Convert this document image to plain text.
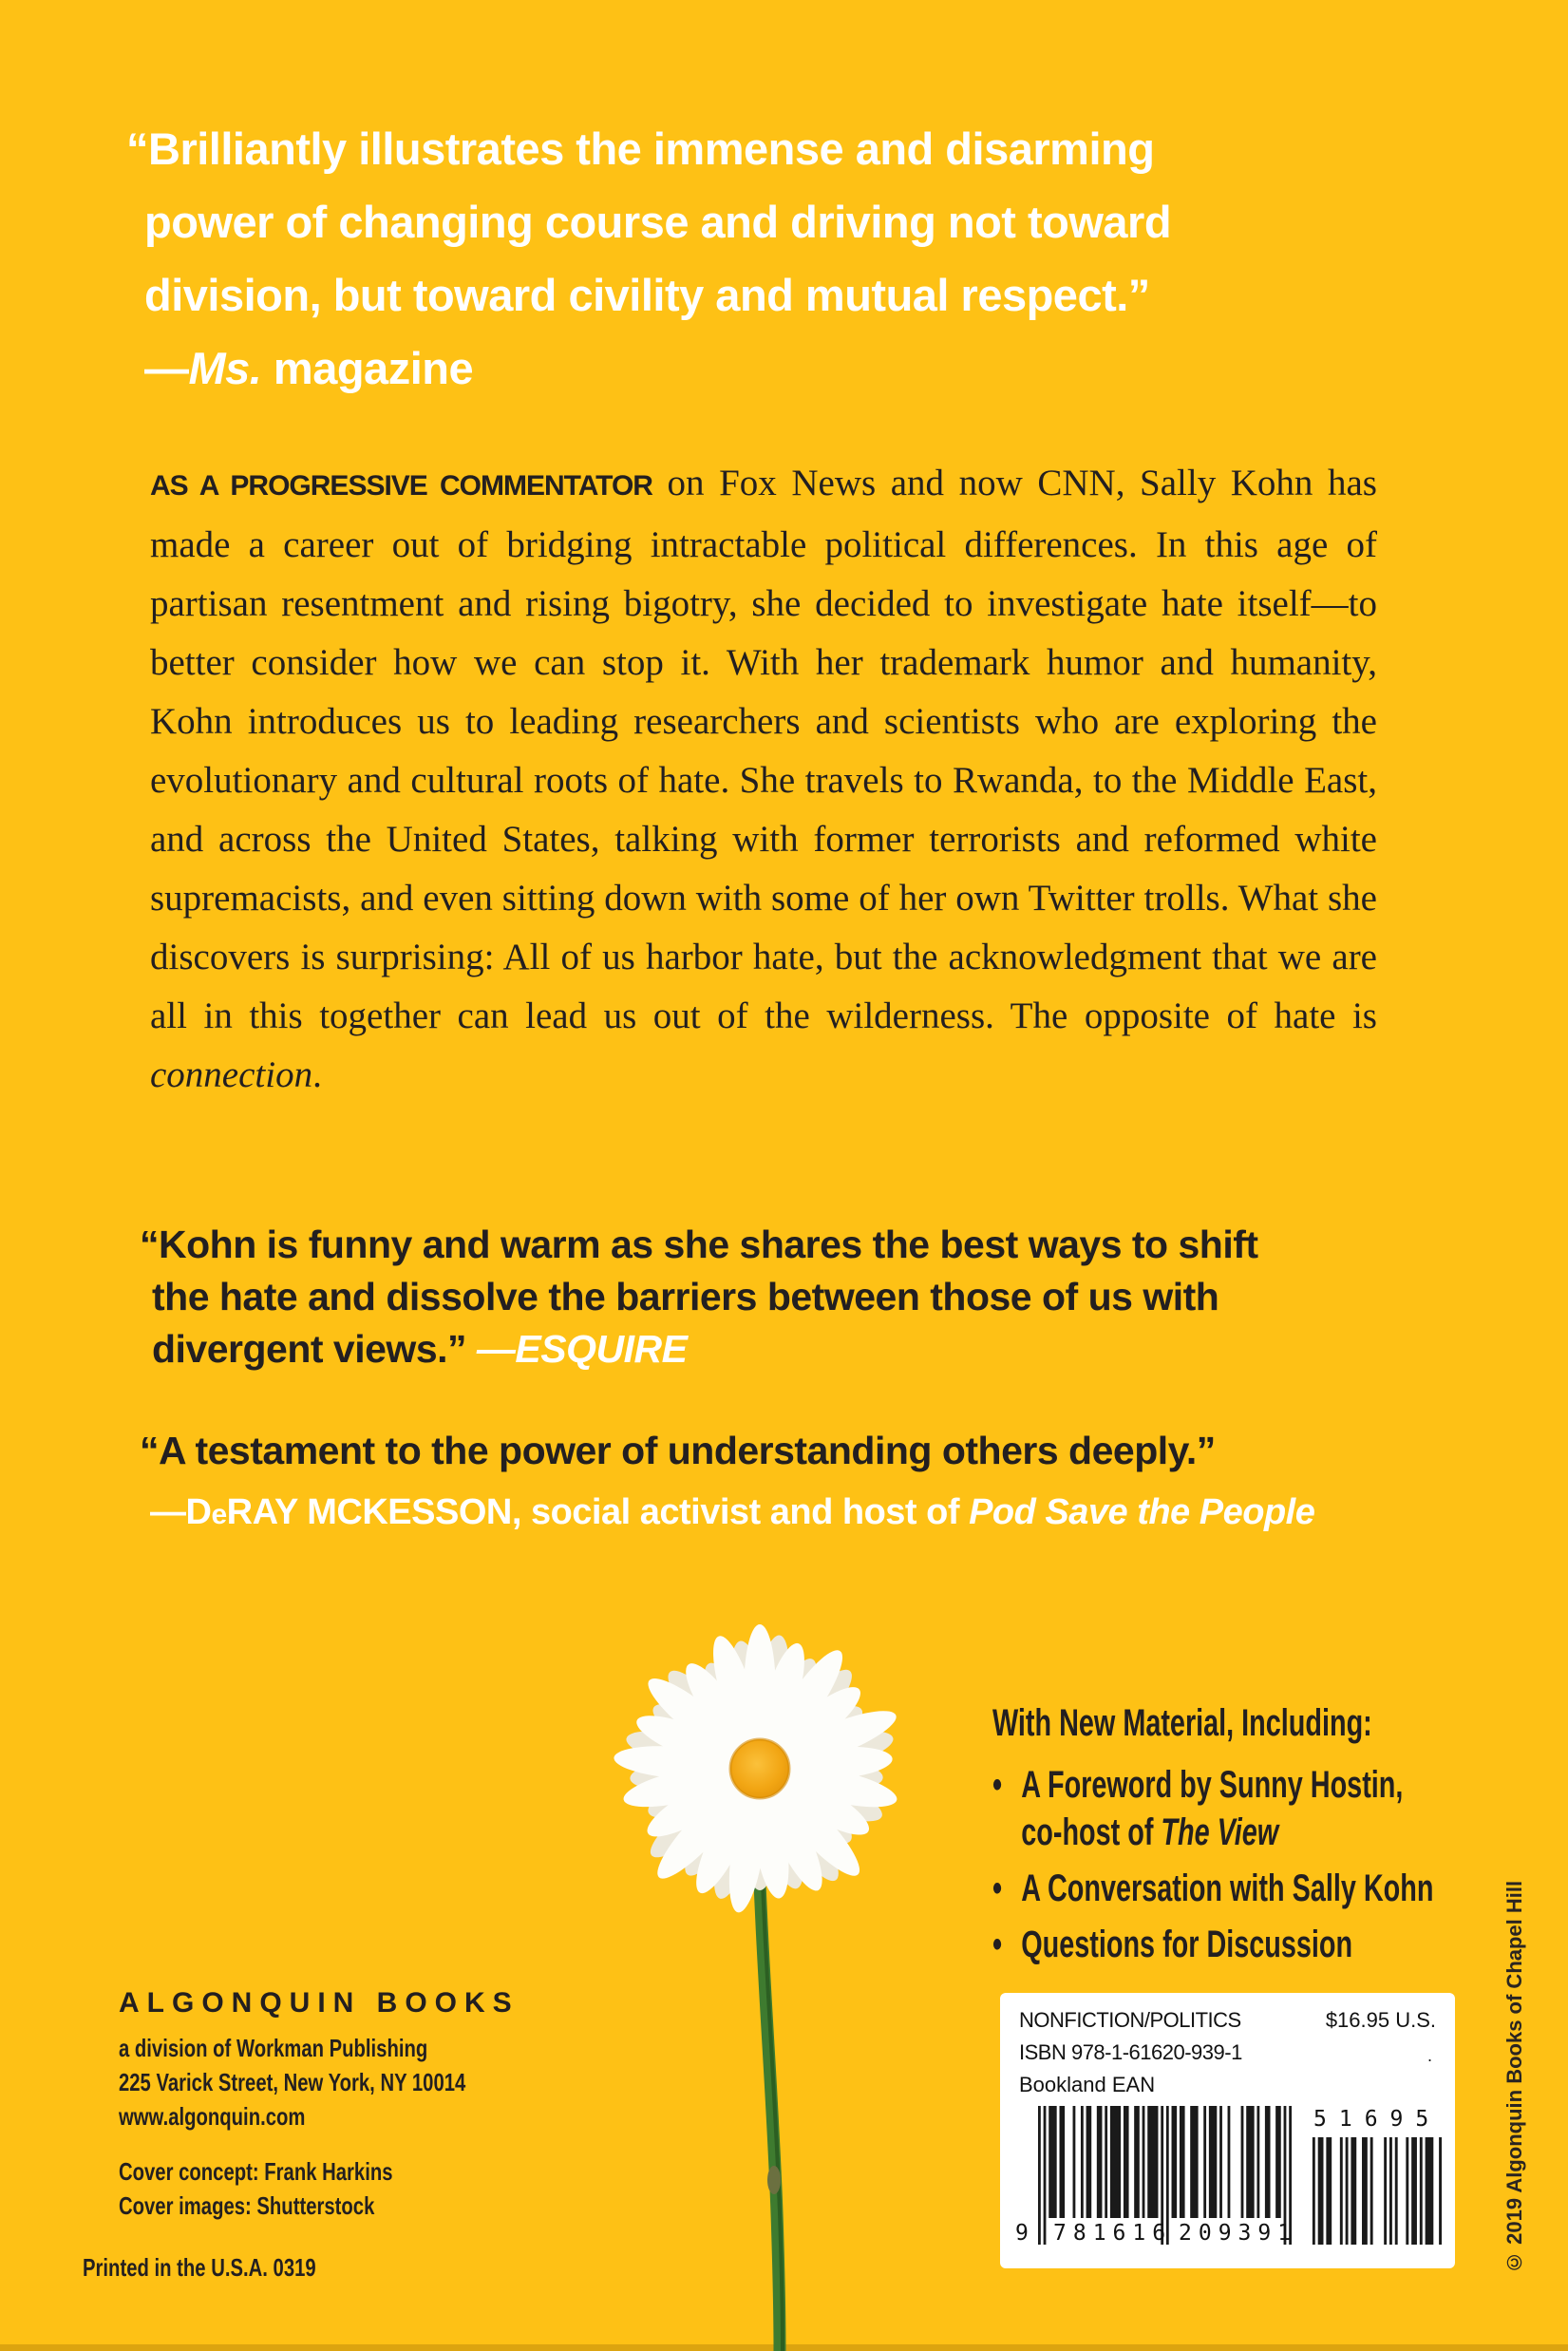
“Brilliantly illustrates the immense and disarming
power of changing course and driving not toward
division, but toward civility and mutual respect.”
—Ms. magazine
AS A PROGRESSIVE COMMENTATOR on Fox News and now CNN, Sally Kohn has made a career out of bridging intractable political differences. In this age of partisan resentment and rising bigotry, she decided to investigate hate itself—to better consider how we can stop it. With her trademark humor and humanity, Kohn introduces us to leading researchers and scientists who are exploring the evolutionary and cultural roots of hate. She travels to Rwanda, to the Middle East, and across the United States, talking with former terrorists and reformed white supremacists, and even sitting down with some of her own Twitter trolls. What she discovers is surprising: All of us harbor hate, but the acknowledgment that we are all in this together can lead us out of the wilderness. The opposite of hate is connection.
“Kohn is funny and warm as she shares the best ways to shift
the hate and dissolve the barriers between those of us with
divergent views.” —ESQUIRE
“A testament to the power of understanding others deeply.”
—DeRAY MCKESSON, social activist and host of Pod Save the People
With New Material, Including:
• A Foreword by Sunny Hostin,
co-host of The View
• A Conversation with Sally Kohn
• Questions for Discussion
ALGONQUIN BOOKS
a division of Workman Publishing
225 Varick Street, New York, NY 10014
www.algonquin.com
Cover concept: Frank Harkins
Cover images: Shutterstock
Printed in the U.S.A. 0319
NONFICTION/POLITICS	$16.95 U.S.
ISBN 978-1-61620-939-1	.
Bookland EAN
9 781616 209391
51695	© 2019 Algonquin Books of Chapel Hill
